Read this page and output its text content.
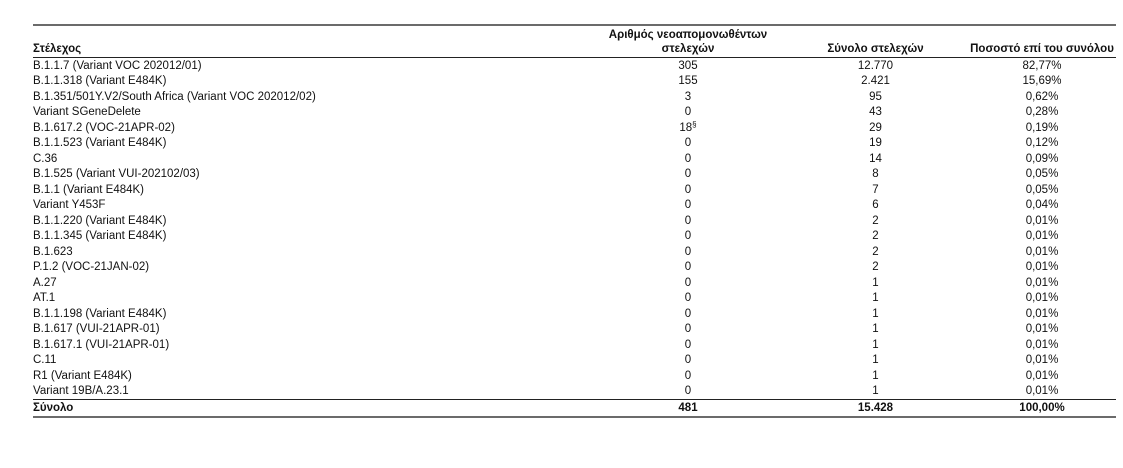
Στέλεχος	Αριθμός νεοαπομονωθέντων στελεχών	Σύνολο στελεχών	Ποσοστό επί του συνόλου
B.1.1.7 (Variant VOC 202012/01)	305	12.770	82,77%
B.1.1.318 (Variant E484K)	155	2.421	15,69%
B.1.351/501Y.V2/South Africa (Variant VOC 202012/02)	3	95	0,62%
Variant SGeneDelete	0	43	0,28%
B.1.617.2 (VOC-21APR-02)	18§	29	0,19%
B.1.1.523 (Variant E484K)	0	19	0,12%
C.36	0	14	0,09%
B.1.525 (Variant VUI-202102/03)	0	8	0,05%
B.1.1 (Variant E484K)	0	7	0,05%
Variant Y453F	0	6	0,04%
B.1.1.220 (Variant E484K)	0	2	0,01%
B.1.1.345 (Variant E484K)	0	2	0,01%
B.1.623	0	2	0,01%
P.1.2 (VOC-21JAN-02)	0	2	0,01%
A.27	0	1	0,01%
AT.1	0	1	0,01%
B.1.1.198 (Variant E484K)	0	1	0,01%
B.1.617 (VUI-21APR-01)	0	1	0,01%
B.1.617.1 (VUI-21APR-01)	0	1	0,01%
C.11	0	1	0,01%
R1 (Variant E484K)	0	1	0,01%
Variant 19B/A.23.1	0	1	0,01%
Σύνολο	481	15.428	100,00%
